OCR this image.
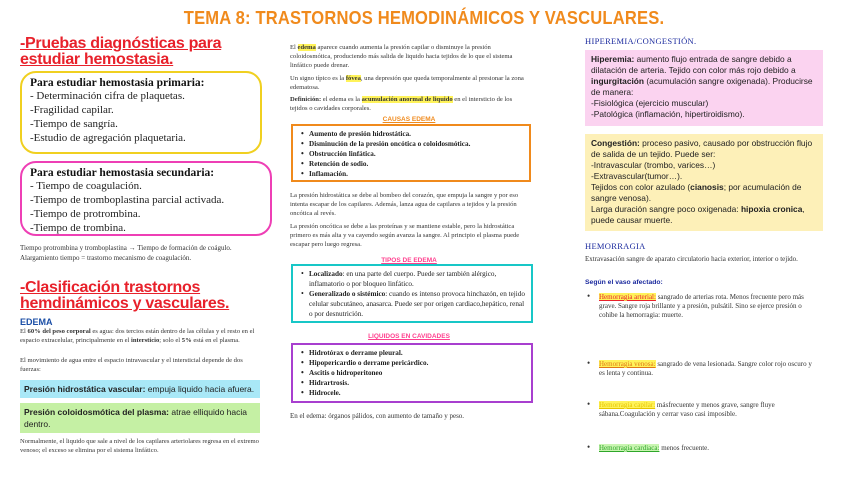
TEMA 8: TRASTORNOS HEMODINÁMICOS Y VASCULARES.
-Pruebas diagnósticas para estudiar hemostasia.
Para estudiar hemostasia primaria:
- Determinación cifra de plaquetas.
-Fragilidad capilar.
-Tiempo de sangría.
-Estudio de agregación plaquetaria.
Para estudiar hemostasia secundaria:
- Tiempo de coagulación.
-Tiempo de tromboplastina parcial activada.
-Tiempo de protrombina.
-Tiempo de trombina.
Tiempo protrombina y tromboplastina → Tiempo de formación de coágulo.
Alargamiento tiempo = trastorno mecanismo de coagulación.
-Clasificación trastornos hemdinámicos y vasculares.
EDEMA
El 60% del peso corporal es agua: dos tercios están dentro de las células y el resto en el espacio extracelular, principalmente en el intersticio; solo el 5% está en el plasma.
El movimiento de agua entre el espacio intravascular y el intersticial depende de dos fuerzas:
Presión hidrostática vascular: empuja liquido hacia afuera.
Presión coloidosmótica del plasma: atrae elliquido hacia dentro.
Normalmente, el liquido que sale a nivel de los capilares arteriolares regresa en el extremo venoso; el exceso se elimina por el sistema linfático.
El edema aparece cuando aumenta la presión capilar o disminuye la presión coloidosmótica, produciendo más salida de liquido hacia tejidos de lo que el sistema linfático puede drenar.
Un signo típico es la fóvea, una depresión que queda temporalmente al presionar la zona edematosa.
Definición: el edema es la acumulación anormal de liquido en el intersticio de los tejidos o cavidades corporales.
CAUSAS EDEMA
• Aumento de presión hidrostática.
• Disminución de la presión oncótica o coloidosmótica.
• Obstrucción linfática.
• Retención de sodio.
• Inflamación.
La presión hidrostática se debe al bombeo del corazón, que empuja la sangre y por eso intenta escapar de los capilares. Además, lanza agua de capilares a tejidos y la presión oncótica al revés.
La presión oncótica se debe a las proteínas y se mantiene estable, pero la hidrostática primero es más alta y va cayendo según avanza la sangre. Al principio el plasma puede escapar pero luego regresa.
TIPOS DE EDEMA
• Localizado: en una parte del cuerpo. Puede ser también alérgico, inflamatorio o por bloqueo linfático.
• Generalizado o sistémico: cuando es intenso provoca hinchazón, en tejido celular subcutáneo, anasarca. Puede ser por origen cardiaco,hepático, renal o por desnutrición.
LIQUIDOS EN CAVIDADES
• Hidrotórax o derrame pleural.
• Hipopericardio o derrame pericárdico.
• Ascitis o hidroperitoneo
• Hidrartrosis.
• Hidrocele.
En el edema: órganos pálidos, con aumento de tamaño y peso.
HIPEREMIA/CONGESTIÓN.
Hiperemia: aumento flujo entrada de sangre debido a dilatación de arteria. Tejido con color más rojo debido a ingurgitación (acumulación sangre oxigenada). Producirse de manera:
-Fisiológica (ejercicio muscular)
-Patológica (inflamación, hipertiroidismo).
Congestión: proceso pasivo, causado por obstrucción flujo de salida de un tejido. Puede ser:
-Intravascular (trombo, varices…)
-Extravascular(tumor…).
Tejidos con color azulado (cianosis; por acumulación de sangre venosa).
Larga duración sangre poco oxigenada: hipoxia cronica, puede causar muerte.
HEMORRAGIA
Extravasación sangre de aparato circulatorio hacia exterior, interior o tejido.
Según el vaso afectado:
• Hemorragia arterial: sangrado de arterias rota. Menos frecuente pero más grave. Sangre roja brillante y a presión, pulsátil. Sino se ejerce presión o cohibe la hemorragia: muerte.
• Hemorragia venosa: sangrado de vena lesionada. Sangre color rojo oscuro y es lenta y continua.
• Hemorragia capilar: másfrecuente y menos grave, sangre fluye sábana.Coagulación y cerrar vaso casi imposible.
• Hemorragia cardiaca: menos frecuente.
